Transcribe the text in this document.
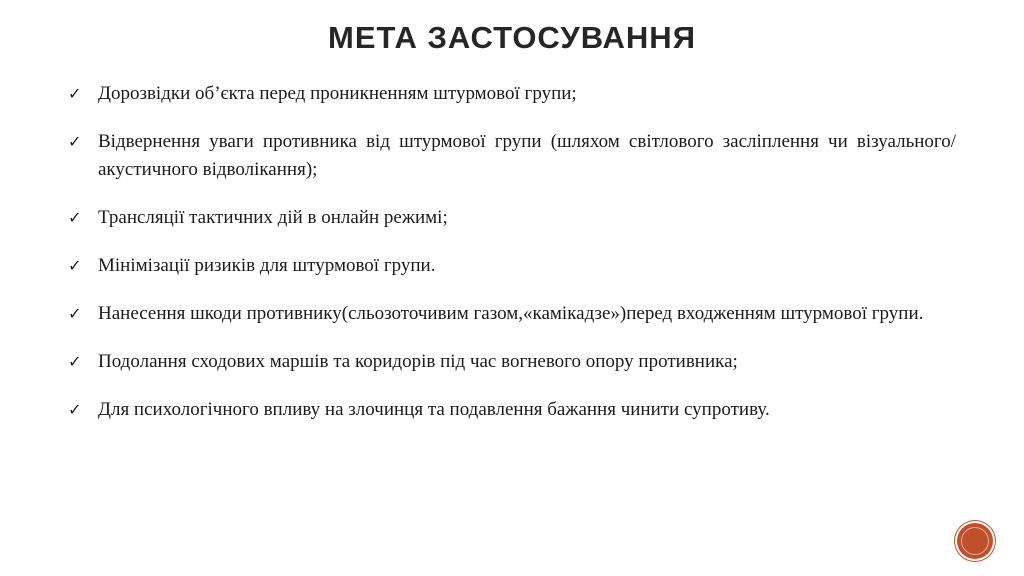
МЕТА ЗАСТОСУВАННЯ
✓ Дорозвідки об’єкта перед проникненням штурмової групи;
✓ Відвернення уваги противника від штурмової групи (шляхом світлового засліплення чи візуального/акустичного відволікання);
✓ Трансляції тактичних дій в онлайн режимі;
✓ Мінімізації ризиків для штурмової групи.
✓ Нанесення шкоди противнику(сльозоточивим газом,«камікадзе»)перед входженням штурмової групи.
✓ Подолання сходових маршів та коридорів під час вогневого опору противника;
✓ Для психологічного впливу на злочинця та подавлення бажання чинити супротиву.
